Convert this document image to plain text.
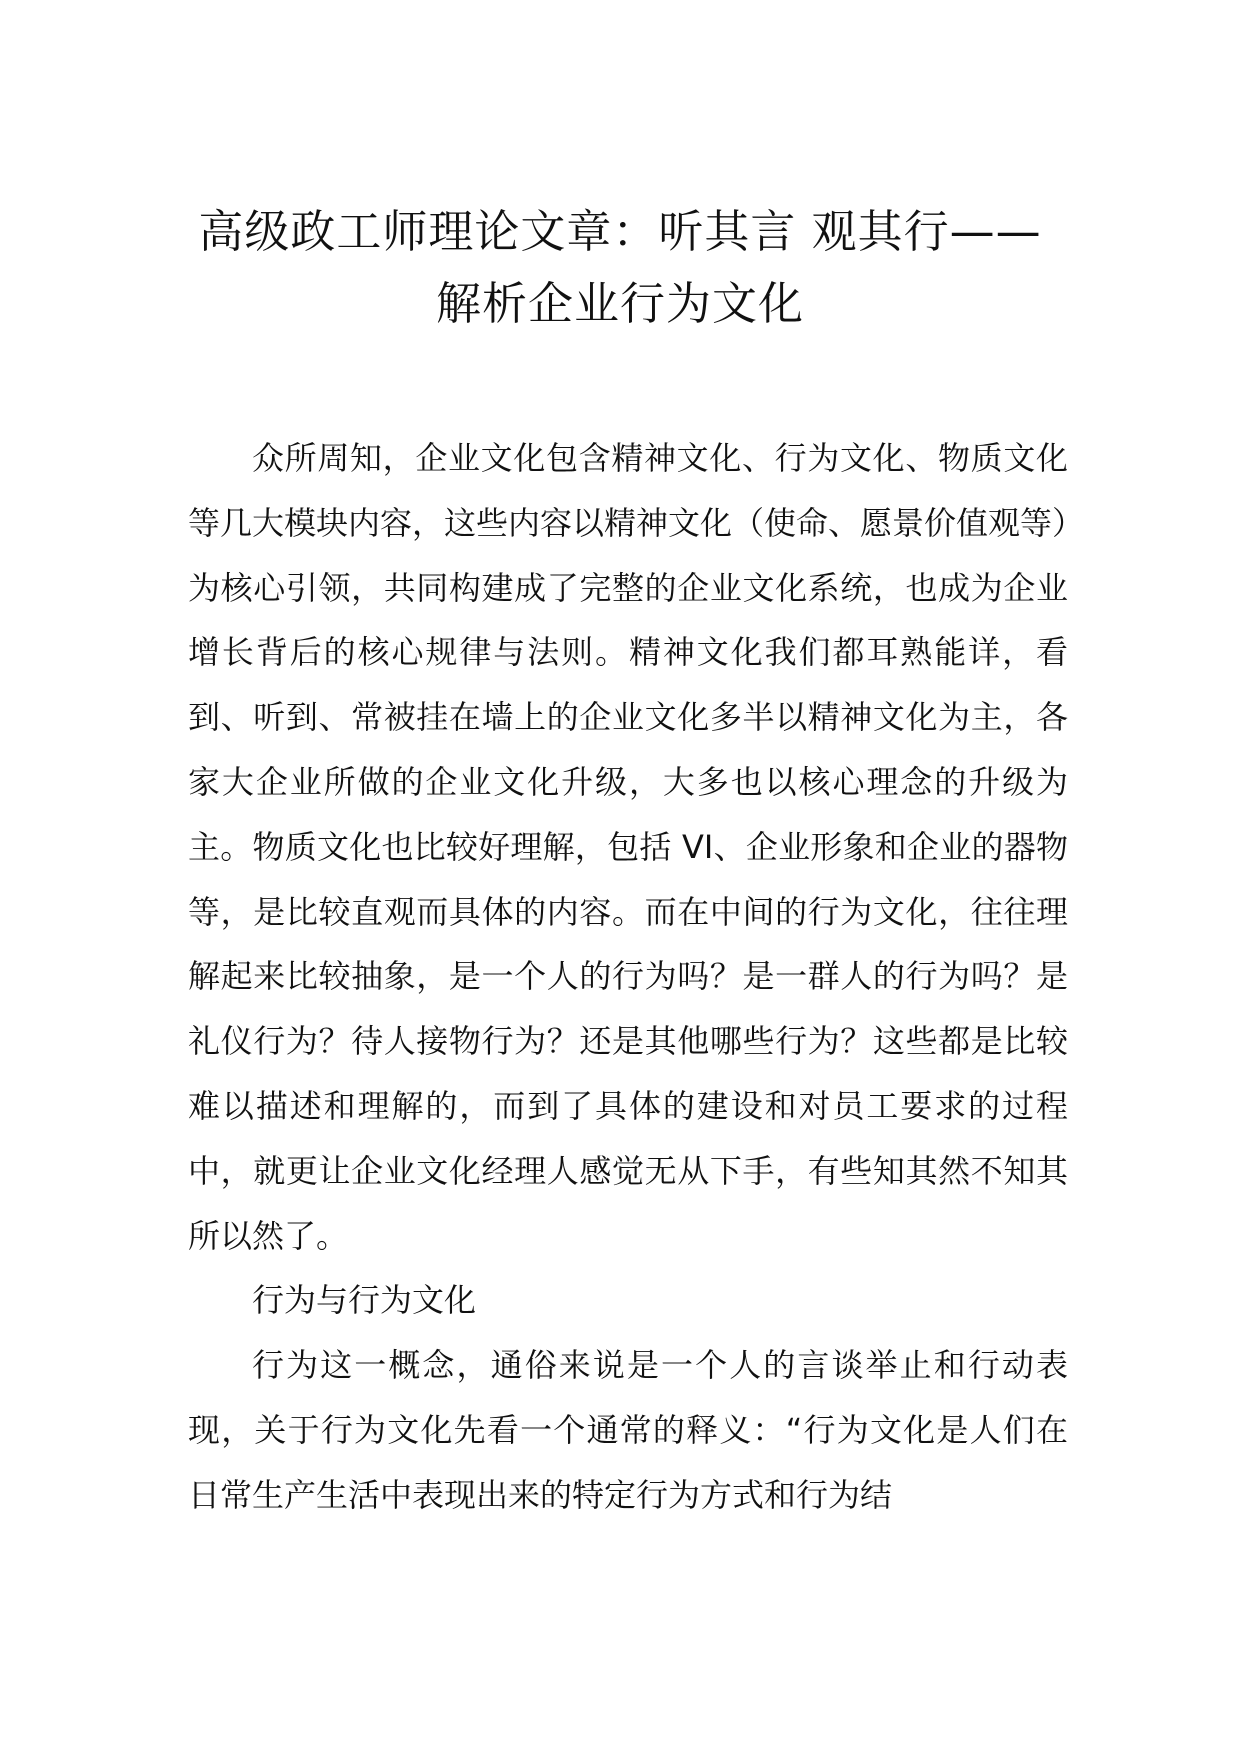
高级政工师理论文章：听其言 观其行——
解析企业行为文化

众所周知，企业文化包含精神文化、行为文化、物质文化等几大模块内容，这些内容以精神文化（使命、愿景价值观等）为核心引领，共同构建成了完整的企业文化系统，也成为企业增长背后的核心规律与法则。精神文化我们都耳熟能详，看到、听到、常被挂在墙上的企业文化多半以精神文化为主，各家大企业所做的企业文化升级，大多也以核心理念的升级为主。物质文化也比较好理解，包括 VI、企业形象和企业的器物等，是比较直观而具体的内容。而在中间的行为文化，往往理解起来比较抽象，是一个人的行为吗？是一群人的行为吗？是礼仪行为？待人接物行为？还是其他哪些行为？这些都是比较难以描述和理解的，而到了具体的建设和对员工要求的过程中，就更让企业文化经理人感觉无从下手，有些知其然不知其所以然了。

行为与行为文化

行为这一概念，通俗来说是一个人的言谈举止和行动表现，关于行为文化先看一个通常的释义：“行为文化是人们在日常生产生活中表现出来的特定行为方式和行为结
